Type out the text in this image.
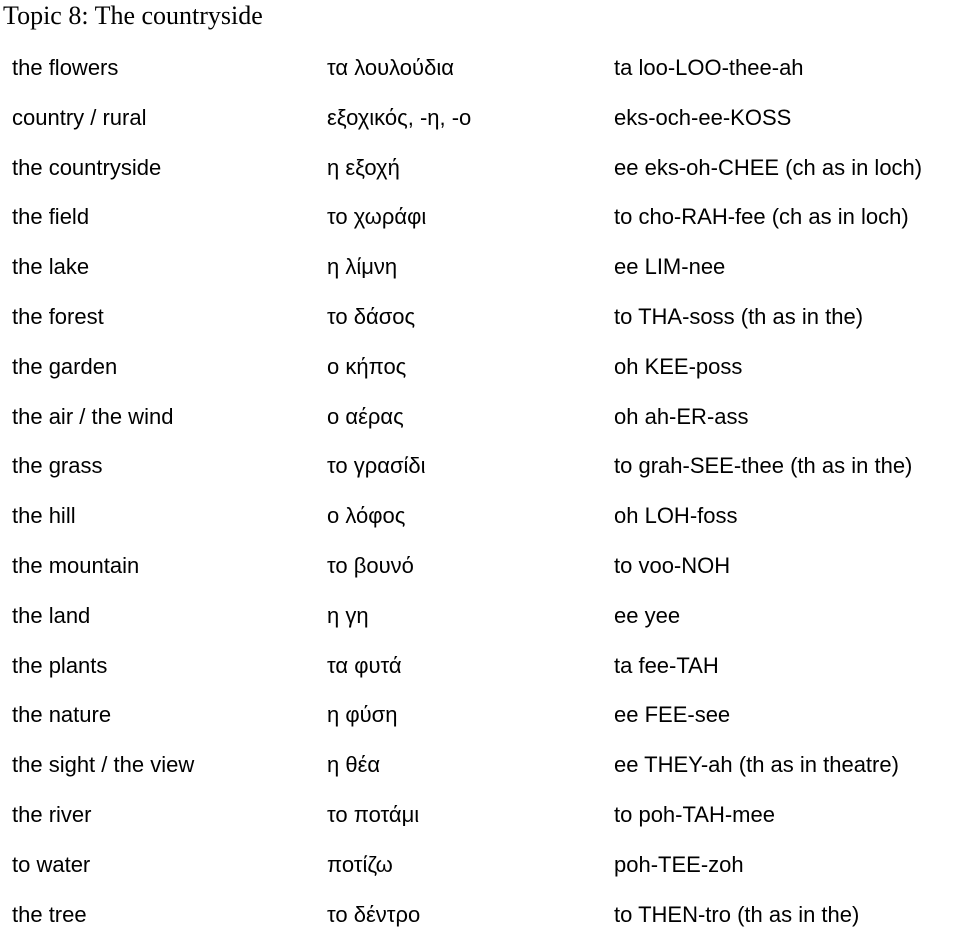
Topic 8: The countryside
the flowers	τα λουλούδια	ta loo-LOO-thee-ah
country / rural	εξοχικός, -η, -ο	eks-och-ee-KOSS
the countryside	η εξοχή	ee eks-oh-CHEE (ch as in loch)
the field	το χωράφι	to cho-RAH-fee (ch as in loch)
the lake	η λίμνη	ee LIM-nee
the forest	το δάσος	to THA-soss (th as in the)
the garden	ο κήπος	oh KEE-poss
the air / the wind	ο αέρας	oh ah-ER-ass
the grass	το γρασίδι	to grah-SEE-thee (th as in the)
the hill	ο λόφος	oh LOH-foss
the mountain	το βουνό	to voo-NOH
the land	η γη	ee yee
the plants	τα φυτά	ta fee-TAH
the nature	η φύση	ee FEE-see
the sight / the view	η θέα	ee THEY-ah (th as in theatre)
the river	το ποτάμι	to poh-TAH-mee
to water	ποτίζω	poh-TEE-zoh
the tree	το δέντρο	to THEN-tro (th as in the)
